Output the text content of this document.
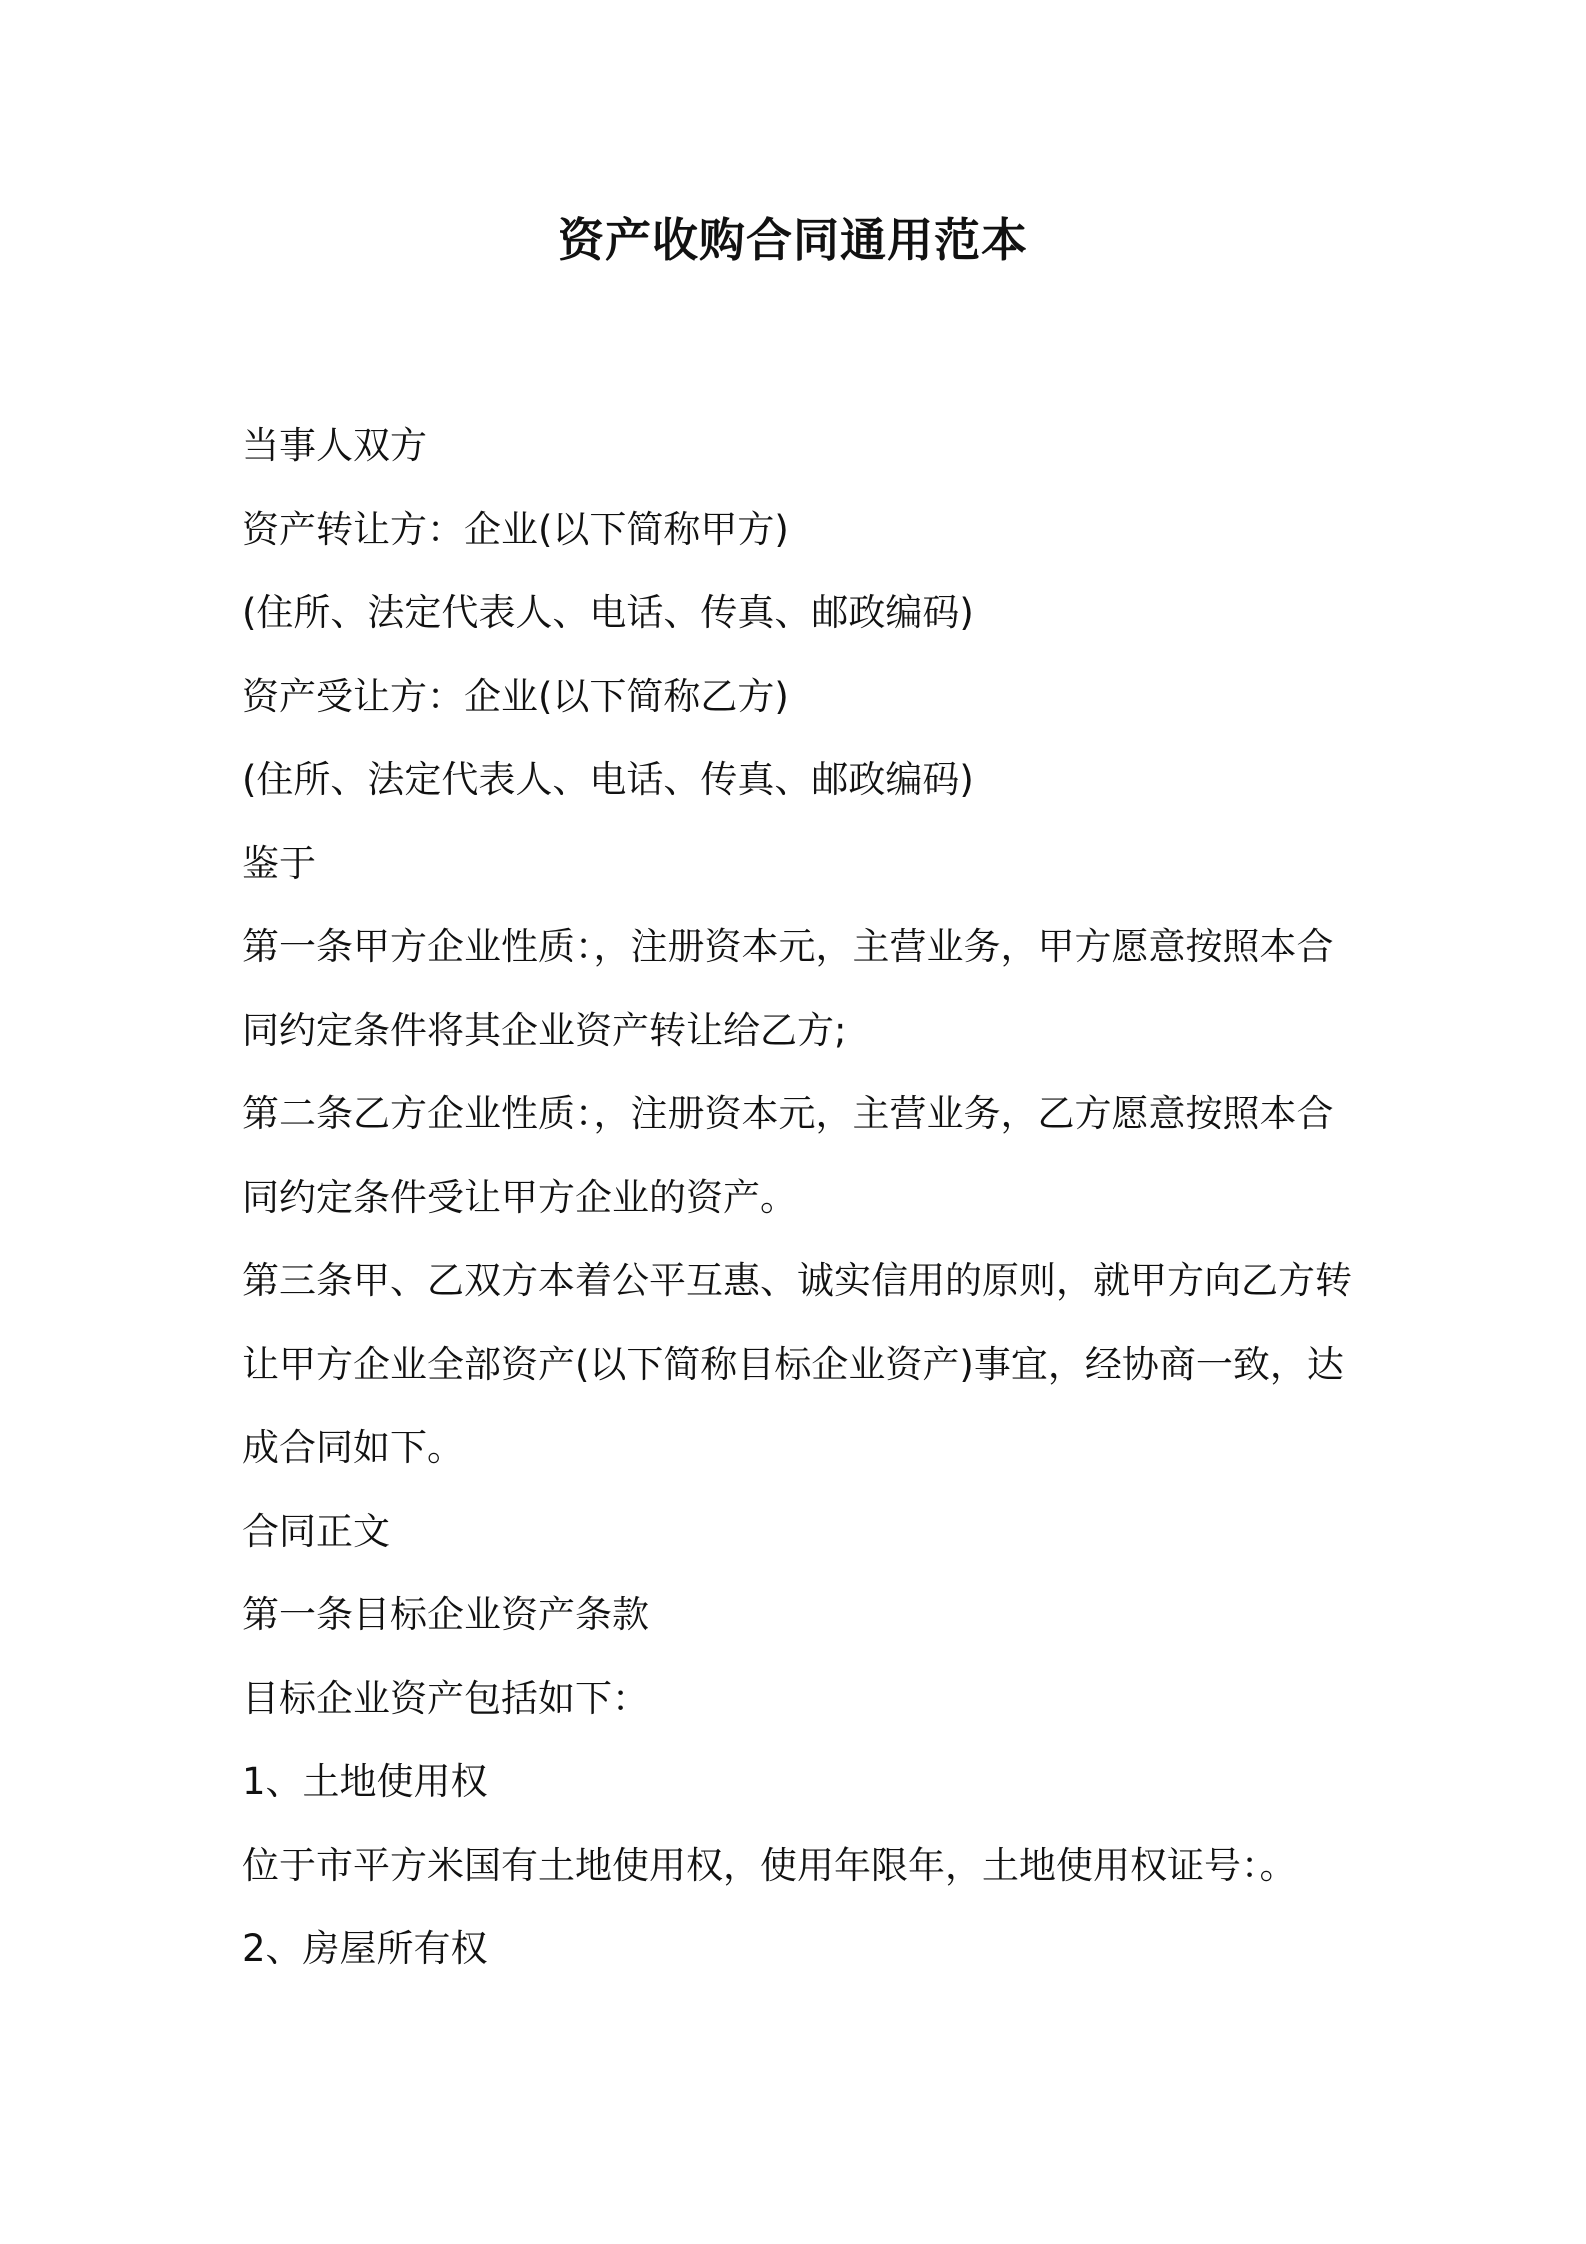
资产收购合同通用范本

当事人双方

资产转让方：企业(以下简称甲方)

(住所、法定代表人、电话、传真、邮政编码)

资产受让方：企业(以下简称乙方)

(住所、法定代表人、电话、传真、邮政编码)

鉴于

第一条甲方企业性质：，注册资本元，主营业务，甲方愿意按照本合

同约定条件将其企业资产转让给乙方;

第二条乙方企业性质：，注册资本元，主营业务，乙方愿意按照本合

同约定条件受让甲方企业的资产。

第三条甲、乙双方本着公平互惠、诚实信用的原则，就甲方向乙方转

让甲方企业全部资产(以下简称目标企业资产)事宜，经协商一致，达

成合同如下。

合同正文

第一条目标企业资产条款

目标企业资产包括如下：

1、土地使用权

位于市平方米国有土地使用权，使用年限年，土地使用权证号：。

2、房屋所有权
